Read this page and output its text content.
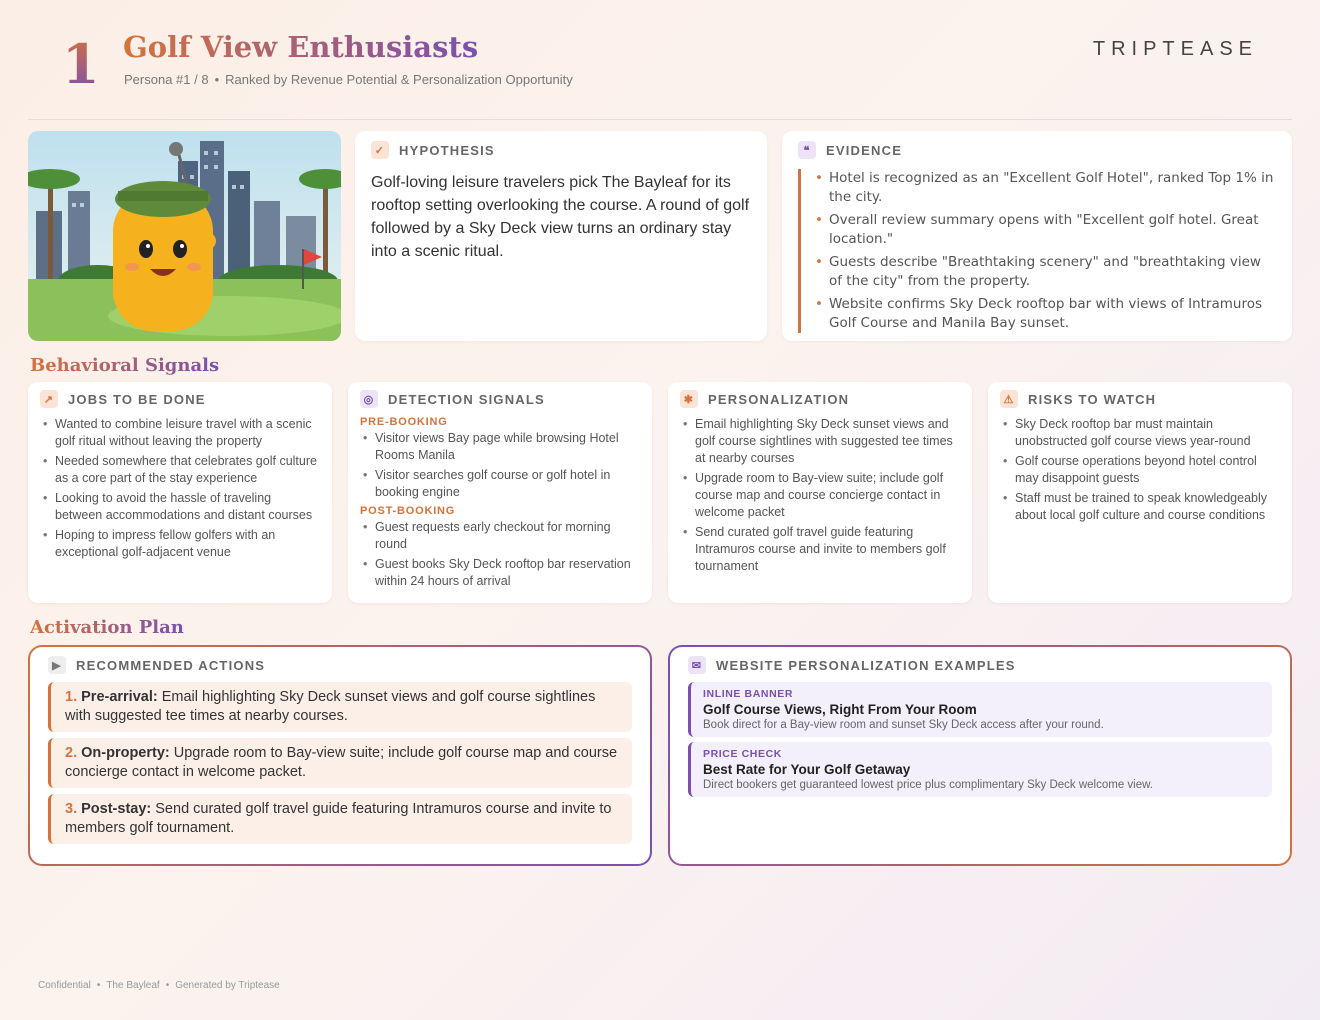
1 Golf View Enthusiasts
Persona #1 / 8 • Ranked by Revenue Potential & Personalization Opportunity
TRIPTEASE
✓ HYPOTHESIS
Golf-loving leisure travelers pick The Bayleaf for its rooftop setting overlooking the course. A round of golf followed by a Sky Deck view turns an ordinary stay into a scenic ritual.
❝	EVIDENCE
• Hotel is recognized as an "Excellent Golf Hotel", ranked Top 1% in the city.
• Overall review summary opens with "Excellent golf hotel. Great location."
• Guests describe "Breathtaking scenery" and "breathtaking view of the city" from the property.
• Website confirms Sky Deck rooftop bar with views of Intramuros Golf Course and Manila Bay sunset.
Behavioral Signals
↗ JOBS TO BE DONE
• Wanted to combine leisure travel with a scenic golf ritual without leaving the property
• Needed somewhere that celebrates golf culture as a core part of the stay experience
• Looking to avoid the hassle of traveling between accommodations and distant courses
• Hoping to impress fellow golfers with an exceptional golf-adjacent venue
◎ DETECTION SIGNALS
PRE-BOOKING
• Visitor views Bay page while browsing Hotel Rooms Manila
• Visitor searches golf course or golf hotel in booking engine
POST-BOOKING
• Guest requests early checkout for morning round
• Guest books Sky Deck rooftop bar reservation within 24 hours of arrival
✱ PERSONALIZATION
• Email highlighting Sky Deck sunset views and golf course sightlines with suggested tee times at nearby courses
• Upgrade room to Bay-view suite; include golf course map and course concierge contact in welcome packet
• Send curated golf travel guide featuring Intramuros course and invite to members golf tournament
⚠ RISKS TO WATCH
• Sky Deck rooftop bar must maintain unobstructed golf course views year-round
• Golf course operations beyond hotel control may disappoint guests
• Staff must be trained to speak knowledgeably about local golf culture and course conditions
Activation Plan
▶	RECOMMENDED ACTIONS
1. Pre-arrival: Email highlighting Sky Deck sunset views and golf course sightlines with suggested tee times at nearby courses.
2. On-property: Upgrade room to Bay-view suite; include golf course map and course concierge contact in welcome packet.
3. Post-stay: Send curated golf travel guide featuring Intramuros course and invite to members golf tournament.
✉ WEBSITE PERSONALIZATION EXAMPLES
INLINE BANNER
Golf Course Views, Right From Your Room
Book direct for a Bay-view room and sunset Sky Deck access after your round.
PRICE CHECK
Best Rate for Your Golf Getaway
Direct bookers get guaranteed lowest price plus complimentary Sky Deck welcome view.
Confidential • The Bayleaf • Generated by Triptease
